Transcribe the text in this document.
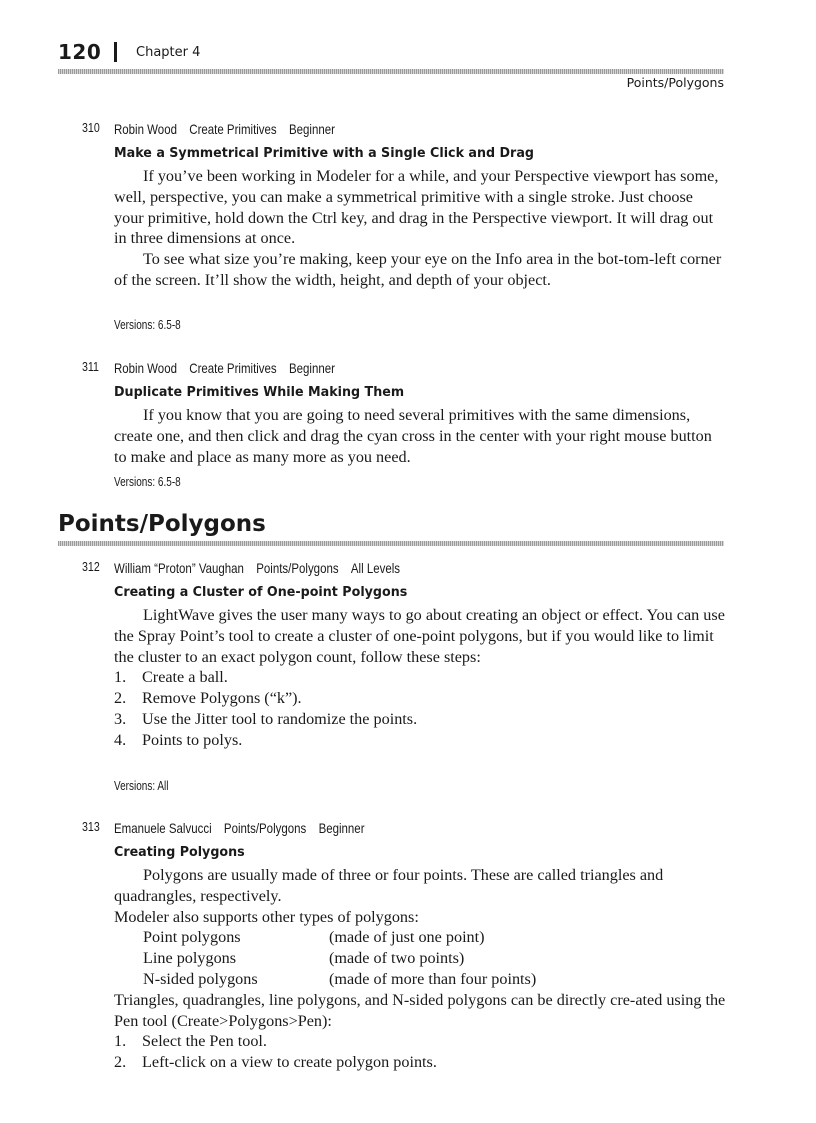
120	Chapter 4
Points/Polygons
310 Robin Wood Create Primitives Beginner
Make a Symmetrical Primitive with a Single Click and Drag

If you’ve been working in Modeler for a while, and your Perspective viewport has some, well, perspective, you can make a symmetrical primitive with a single stroke. Just choose your primitive, hold down the Ctrl key, and drag in the Perspective viewport. It will drag out in three dimensions at once.

To see what size you’re making, keep your eye on the Info area in the bot-tom-left corner of the screen. It’ll show the width, height, and depth of your object.

Versions: 6.5-8
311 Robin Wood Create Primitives Beginner
Duplicate Primitives While Making Them

If you know that you are going to need several primitives with the same dimensions, create one, and then click and drag the cyan cross in the center with your right mouse button to make and place as many more as you need.

Versions: 6.5-8
Points/Polygons
312 William “Proton” Vaughan Points/Polygons All Levels
Creating a Cluster of One-point Polygons

LightWave gives the user many ways to go about creating an object or effect. You can use the Spray Point’s tool to create a cluster of one-point polygons, but if you would like to limit the cluster to an exact polygon count, follow these steps:

1. Create a ball.
2. Remove Polygons (“k”).
3. Use the Jitter tool to randomize the points.
4. Points to polys.
Versions: All
313 Emanuele Salvucci Points/Polygons Beginner
Creating Polygons

Polygons are usually made of three or four points. These are called triangles and quadrangles, respectively.

Modeler also supports other types of polygons:

Point polygons	(made of just one point)
Line polygons	(made of two points)
N-sided polygons	(made of more than four points)

Triangles, quadrangles, line polygons, and N-sided polygons can be directly cre-ated using the Pen tool (Create>Polygons>Pen):

1. Select the Pen tool.
2. Left-click on a view to create polygon points.
